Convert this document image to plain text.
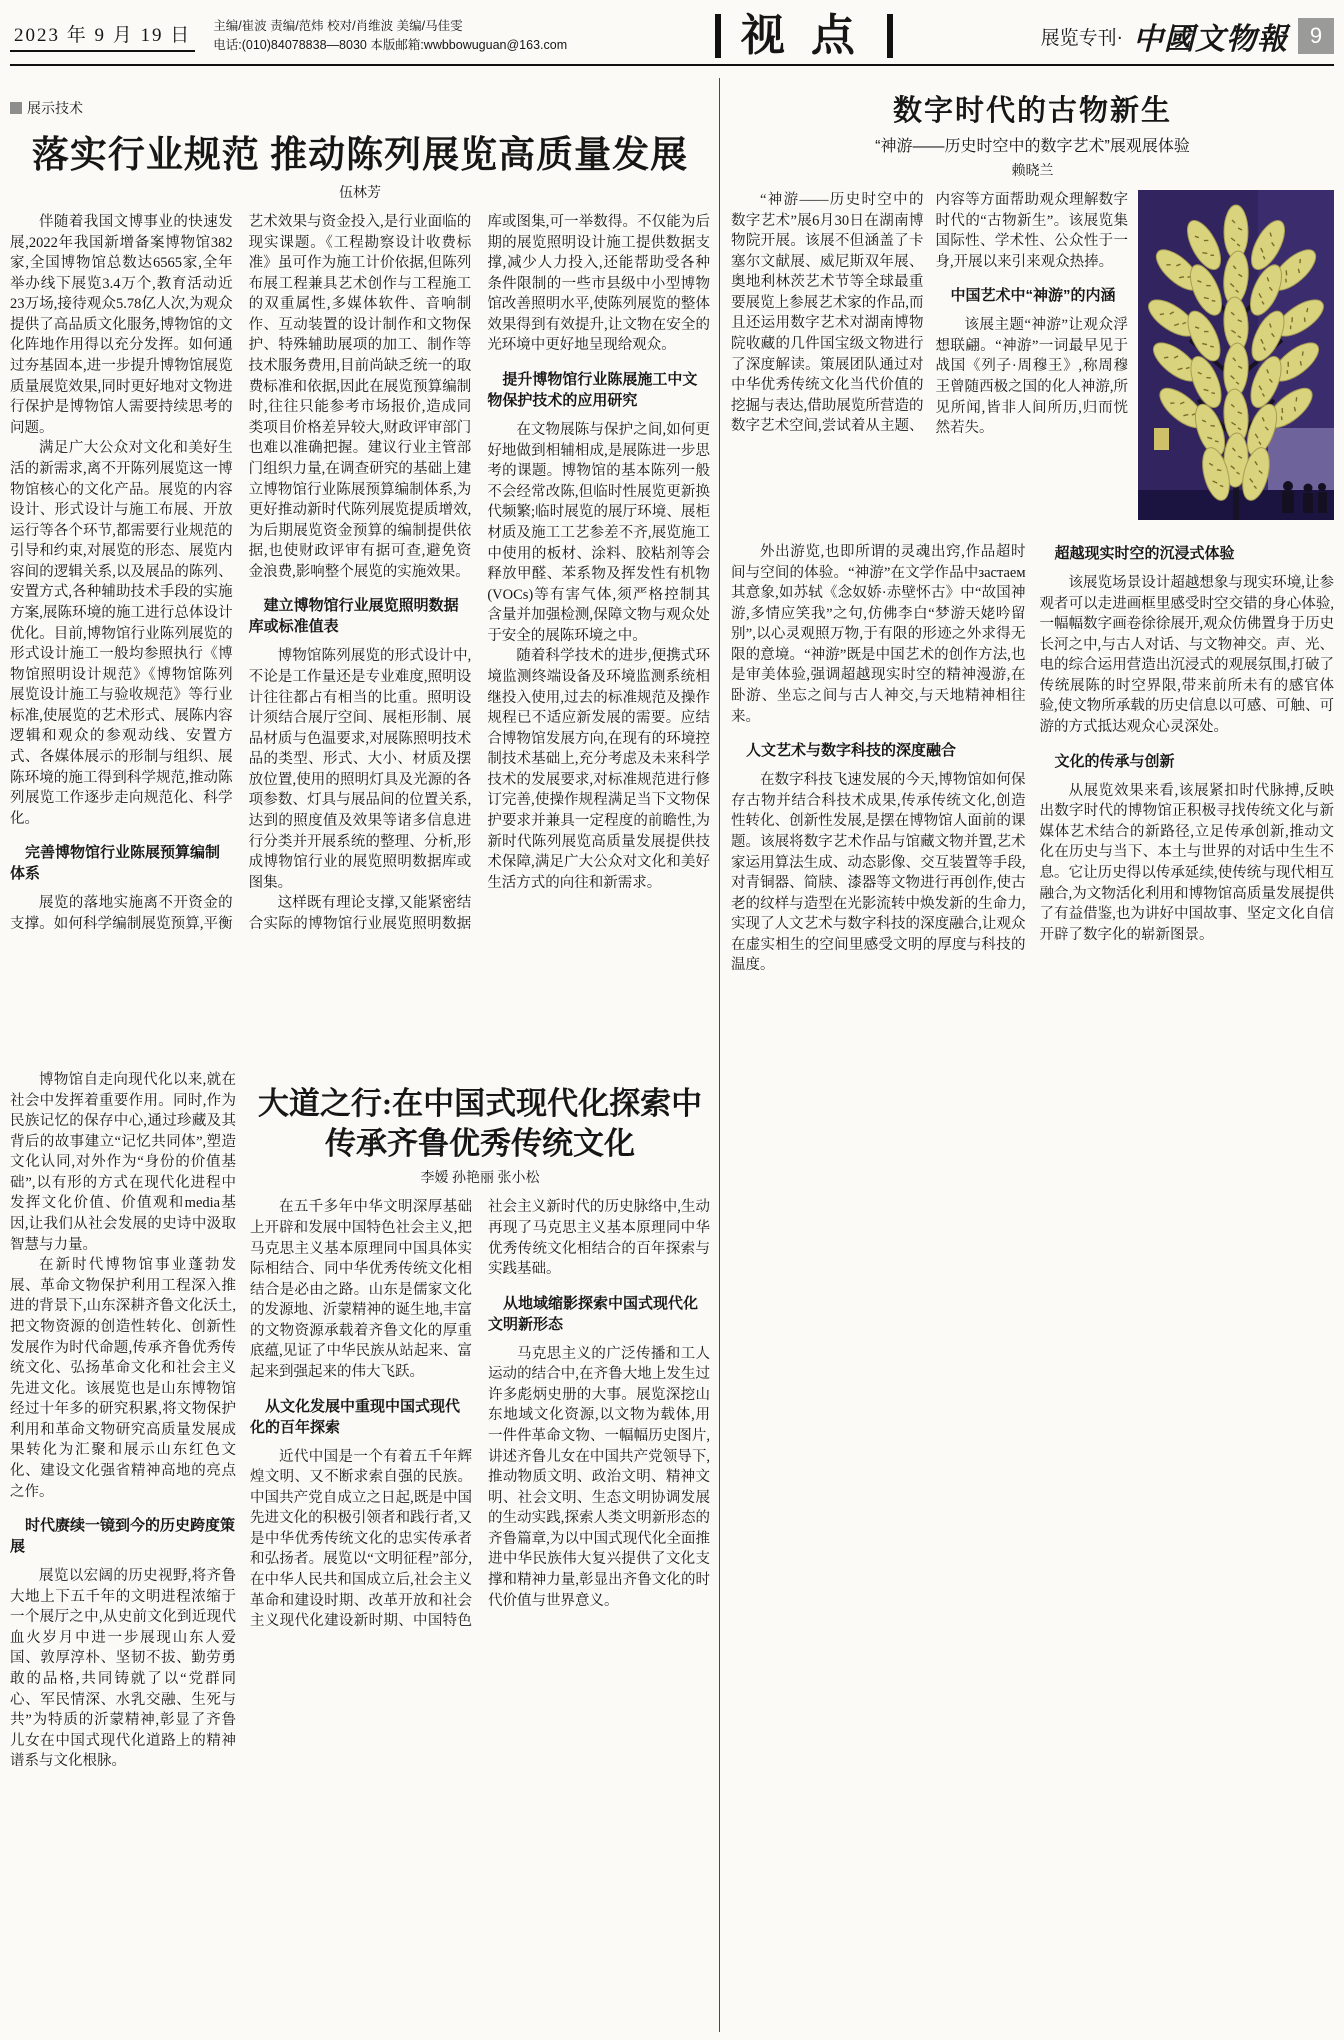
2023 年 9 月 19 日	主编/崔波 责编/范炜 校对/肖维波 美编/马佳雯
电话:(010)84078838—8030 本版邮箱:wwbbowuguan@163.com	视点	展览专刊· 中國文物報 9
展示技术
落实行业规范 推动陈列展览高质量发展
伍林芳

伴随着我国文博事业的快速发展,2022年我国新增备案博物馆382家,全国博物馆总数达6565家,全年举办线下展览3.4万个,教育活动近23万场,接待观众5.78亿人次,为观众提供了高品质文化服务,博物馆的文化阵地作用得以充分发挥。如何通过夯基固本,进一步提升博物馆展览质量展览效果,同时更好地对文物进行保护是博物馆人需要持续思考的问题。

满足广大公众对文化和美好生活的新需求,离不开陈列展览这一博物馆核心的文化产品。展览的内容设计、形式设计与施工布展、开放运行等各个环节,都需要行业规范的引导和约束,对展览的形态、展览内容间的逻辑关系,以及展品的陈列、安置方式,各种辅助技术手段的实施方案,展陈环境的施工进行总体设计优化。目前,博物馆行业陈列展览的形式设计施工一般均参照执行《博物馆照明设计规范》《博物馆陈列展览设计施工与验收规范》等行业标准,使展览的艺术形式、展陈内容逻辑和观众的参观动线、安置方式、各媒体展示的形制与组织、展陈环境的施工得到科学规范,推动陈列展览工作逐步走向规范化、科学化。

完善博物馆行业陈展预算编制体系

展览的落地实施离不开资金的支撑。如何科学编制展览预算,平衡艺术效果与资金投入,是行业面临的现实课题。《工程勘察设计收费标准》虽可作为施工计价依据,但陈列布展工程兼具艺术创作与工程施工的双重属性,多媒体软件、音响制作、互动装置的设计制作和文物保护、特殊辅助展项的加工、制作等技术服务费用,目前尚缺乏统一的取费标准和依据,因此在展览预算编制时,往往只能参考市场报价,造成同类项目价格差异较大,财政评审部门也难以准确把握。建议行业主管部门组织力量,在调查研究的基础上建立博物馆行业陈展预算编制体系,为更好推动新时代陈列展览提质增效,为后期展览资金预算的编制提供依据,也使财政评审有据可查,避免资金浪费,影响整个展览的实施效果。

建立博物馆行业展览照明数据库或标准值表

博物馆陈列展览的形式设计中,不论是工作量还是专业难度,照明设计往往都占有相当的比重。照明设计须结合展厅空间、展柜形制、展品材质与色温要求,对展陈照明技术品的类型、形式、大小、材质及摆放位置,使用的照明灯具及光源的各项参数、灯具与展品间的位置关系,达到的照度值及效果等诸多信息进行分类并开展系统的整理、分析,形成博物馆行业的展览照明数据库或图集。

这样既有理论支撑,又能紧密结合实际的博物馆行业展览照明数据库或图集,可一举数得。不仅能为后期的展览照明设计施工提供数据支撑,减少人力投入,还能帮助受各种条件限制的一些市县级中小型博物馆改善照明水平,使陈列展览的整体效果得到有效提升,让文物在安全的光环境中更好地呈现给观众。

提升博物馆行业陈展施工中文物保护技术的应用研究

在文物展陈与保护之间,如何更好地做到相辅相成,是展陈进一步思考的课题。博物馆的基本陈列一般不会经常改陈,但临时性展览更新换代频繁;临时展览的展厅环境、展柜材质及施工工艺参差不齐,展览施工中使用的板材、涂料、胶粘剂等会释放甲醛、苯系物及挥发性有机物(VOCs)等有害气体,须严格控制其含量并加强检测,保障文物与观众处于安全的展陈环境之中。

随着科学技术的进步,便携式环境监测终端设备及环境监测系统相继投入使用,过去的标准规范及操作规程已不适应新发展的需要。应结合博物馆发展方向,在现有的环境控制技术基础上,充分考虑及未来科学技术的发展要求,对标准规范进行修订完善,使操作规程满足当下文物保护要求并兼具一定程度的前瞻性,为新时代陈列展览高质量发展提供技术保障,满足广大公众对文化和美好生活方式的向往和新需求。

博物馆自走向现代化以来,就在社会中发挥着重要作用。同时,作为民族记忆的保存中心,通过珍藏及其背后的故事建立“记忆共同体”,塑造文化认同,对外作为“身份的价值基础”,以有形的方式在现代化进程中发挥文化价值、价值观和media基因,让我们从社会发展的史诗中汲取智慧与力量。

在新时代博物馆事业蓬勃发展、革命文物保护利用工程深入推进的背景下,山东深耕齐鲁文化沃土,把文物资源的创造性转化、创新性发展作为时代命题,传承齐鲁优秀传统文化、弘扬革命文化和社会主义先进文化。该展览也是山东博物馆经过十年多的研究积累,将文物保护利用和革命文物研究高质量发展成果转化为汇聚和展示山东红色文化、建设文化强省精神高地的亮点之作。

时代赓续一镜到今的历史跨度策展

展览以宏阔的历史视野,将齐鲁大地上下五千年的文明进程浓缩于一个展厅之中,从史前文化到近现代血火岁月中进一步展现山东人爱国、敦厚淳朴、坚韧不拔、勤劳勇敢的品格,共同铸就了以“党群同心、军民情深、水乳交融、生死与共”为特质的沂蒙精神,彰显了齐鲁儿女在中国式现代化道路上的精神谱系与文化根脉。

大道之行:在中国式现代化探索中
传承齐鲁优秀传统文化
李嫒 孙艳丽 张小松

在五千多年中华文明深厚基础上开辟和发展中国特色社会主义,把马克思主义基本原理同中国具体实际相结合、同中华优秀传统文化相结合是必由之路。山东是儒家文化的发源地、沂蒙精神的诞生地,丰富的文物资源承载着齐鲁文化的厚重底蕴,见证了中华民族从站起来、富起来到强起来的伟大飞跃。

从文化发展中重现中国式现代化的百年探索

近代中国是一个有着五千年辉煌文明、又不断求索自强的民族。中国共产党自成立之日起,既是中国先进文化的积极引领者和践行者,又是中华优秀传统文化的忠实传承者和弘扬者。展览以“文明征程”部分,在中华人民共和国成立后,社会主义革命和建设时期、改革开放和社会主义现代化建设新时期、中国特色社会主义新时代的历史脉络中,生动再现了马克思主义基本原理同中华优秀传统文化相结合的百年探索与实践基础。

从地域缩影探索中国式现代化文明新形态

马克思主义的广泛传播和工人运动的结合中,在齐鲁大地上发生过许多彪炳史册的大事。展览深挖山东地域文化资源,以文物为载体,用一件件革命文物、一幅幅历史图片,讲述齐鲁儿女在中国共产党领导下,推动物质文明、政治文明、精神文明、社会文明、生态文明协调发展的生动实践,探索人类文明新形态的齐鲁篇章,为以中国式现代化全面推进中华民族伟大复兴提供了文化支撑和精神力量,彰显出齐鲁文化的时代价值与世界意义。

数字时代的古物新生
“神游——历史时空中的数字艺术”展观展体验
赖晓兰

“神游——历史时空中的数字艺术”展6月30日在湖南博物院开展。该展不但涵盖了卡塞尔文献展、威尼斯双年展、奥地利林茨艺术节等全球最重要展览上参展艺术家的作品,而且还运用数字艺术对湖南博物院收藏的几件国宝级文物进行了深度解读。策展团队通过对中华优秀传统文化当代价值的挖掘与表达,借助展览所营造的数字艺术空间,尝试着从主题、内容等方面帮助观众理解数字时代的“古物新生”。该展览集国际性、学术性、公众性于一身,开展以来引来观众热捧。

中国艺术中“神游”的内涵

该展主题“神游”让观众浮想联翩。“神游”一词最早见于战国《列子·周穆王》,称周穆王曾随西极之国的化人神游,所见所闻,皆非人间所历,归而恍然若失。

外出游览,也即所谓的灵魂出窍,作品超时间与空间的体验。“神游”在文学作品中застаем其意象,如苏轼《念奴娇·赤壁怀古》中“故国神游,多情应笑我”之句,仿佛李白“梦游天姥吟留别”,以心灵观照万物,于有限的形迹之外求得无限的意境。“神游”既是中国艺术的创作方法,也是审美体验,强调超越现实时空的精神漫游,在卧游、坐忘之间与古人神交,与天地精神相往来。

人文艺术与数字科技的深度融合

在数字科技飞速发展的今天,博物馆如何保存古物并结合科技术成果,传承传统文化,创造性转化、创新性发展,是摆在博物馆人面前的课题。该展将数字艺术作品与馆藏文物并置,艺术家运用算法生成、动态影像、交互装置等手段,对青铜器、简牍、漆器等文物进行再创作,使古老的纹样与造型在光影流转中焕发新的生命力,实现了人文艺术与数字科技的深度融合,让观众在虚实相生的空间里感受文明的厚度与科技的温度。

超越现实时空的沉浸式体验

该展览场景设计超越想象与现实环境,让参观者可以走进画框里感受时空交错的身心体验,一幅幅数字画卷徐徐展开,观众仿佛置身于历史长河之中,与古人对话、与文物神交。声、光、电的综合运用营造出沉浸式的观展氛围,打破了传统展陈的时空界限,带来前所未有的感官体验,使文物所承载的历史信息以可感、可触、可游的方式抵达观众心灵深处。

文化的传承与创新

从展览效果来看,该展紧扣时代脉搏,反映出数字时代的博物馆正积极寻找传统文化与新媒体艺术结合的新路径,立足传承创新,推动文化在历史与当下、本土与世界的对话中生生不息。它让历史得以传承延续,使传统与现代相互融合,为文物活化利用和博物馆高质量发展提供了有益借鉴,也为讲好中国故事、坚定文化自信开辟了数字化的崭新图景。
